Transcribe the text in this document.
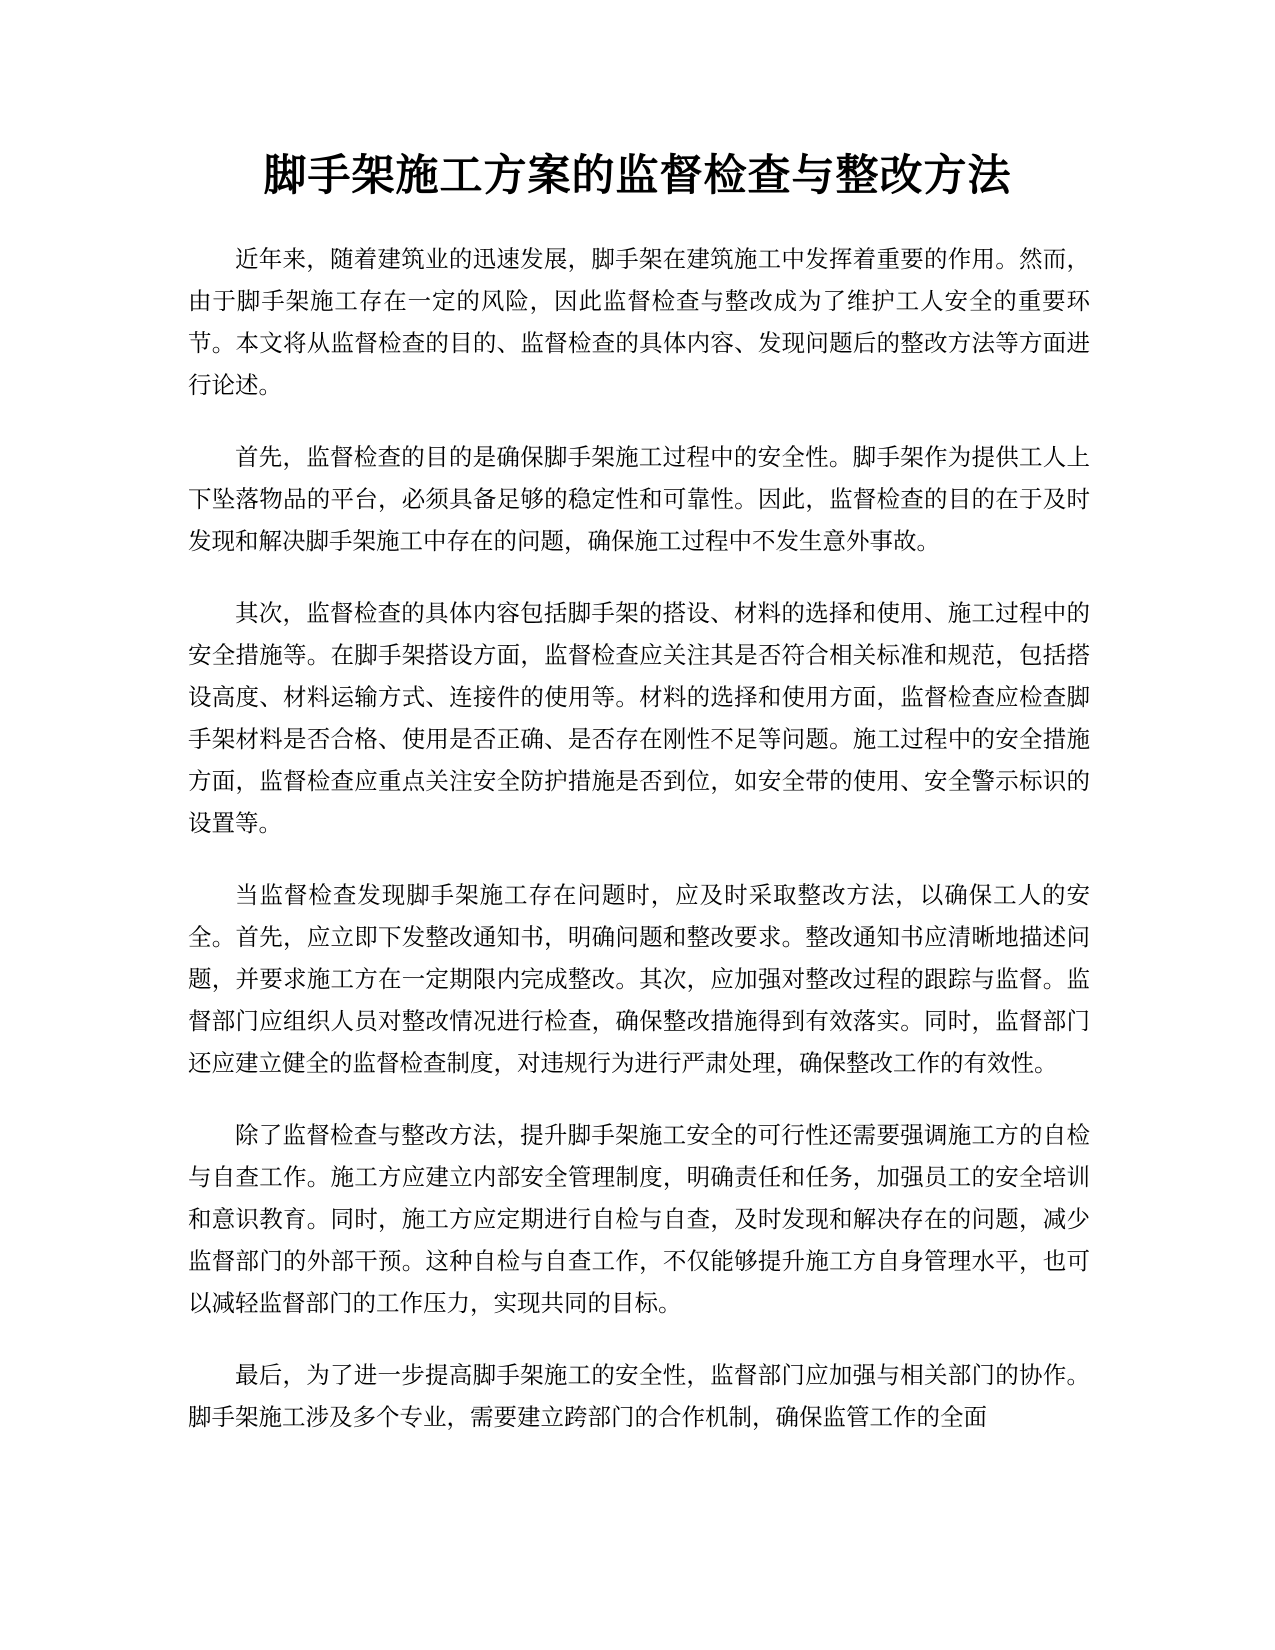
脚手架施工方案的监督检查与整改方法

近年来，随着建筑业的迅速发展，脚手架在建筑施工中发挥着重要的作用。然而，由于脚手架施工存在一定的风险，因此监督检查与整改成为了维护工人安全的重要环节。本文将从监督检查的目的、监督检查的具体内容、发现问题后的整改方法等方面进行论述。

首先，监督检查的目的是确保脚手架施工过程中的安全性。脚手架作为提供工人上下坠落物品的平台，必须具备足够的稳定性和可靠性。因此，监督检查的目的在于及时发现和解决脚手架施工中存在的问题，确保施工过程中不发生意外事故。

其次，监督检查的具体内容包括脚手架的搭设、材料的选择和使用、施工过程中的安全措施等。在脚手架搭设方面，监督检查应关注其是否符合相关标准和规范，包括搭设高度、材料运输方式、连接件的使用等。材料的选择和使用方面，监督检查应检查脚手架材料是否合格、使用是否正确、是否存在刚性不足等问题。施工过程中的安全措施方面，监督检查应重点关注安全防护措施是否到位，如安全带的使用、安全警示标识的设置等。

当监督检查发现脚手架施工存在问题时，应及时采取整改方法，以确保工人的安全。首先，应立即下发整改通知书，明确问题和整改要求。整改通知书应清晰地描述问题，并要求施工方在一定期限内完成整改。其次，应加强对整改过程的跟踪与监督。监督部门应组织人员对整改情况进行检查，确保整改措施得到有效落实。同时，监督部门还应建立健全的监督检查制度，对违规行为进行严肃处理，确保整改工作的有效性。

除了监督检查与整改方法，提升脚手架施工安全的可行性还需要强调施工方的自检与自查工作。施工方应建立内部安全管理制度，明确责任和任务，加强员工的安全培训和意识教育。同时，施工方应定期进行自检与自查，及时发现和解决存在的问题，减少监督部门的外部干预。这种自检与自查工作，不仅能够提升施工方自身管理水平，也可以减轻监督部门的工作压力，实现共同的目标。

最后，为了进一步提高脚手架施工的安全性，监督部门应加强与相关部门的协作。脚手架施工涉及多个专业，需要建立跨部门的合作机制，确保监管工作的全面
